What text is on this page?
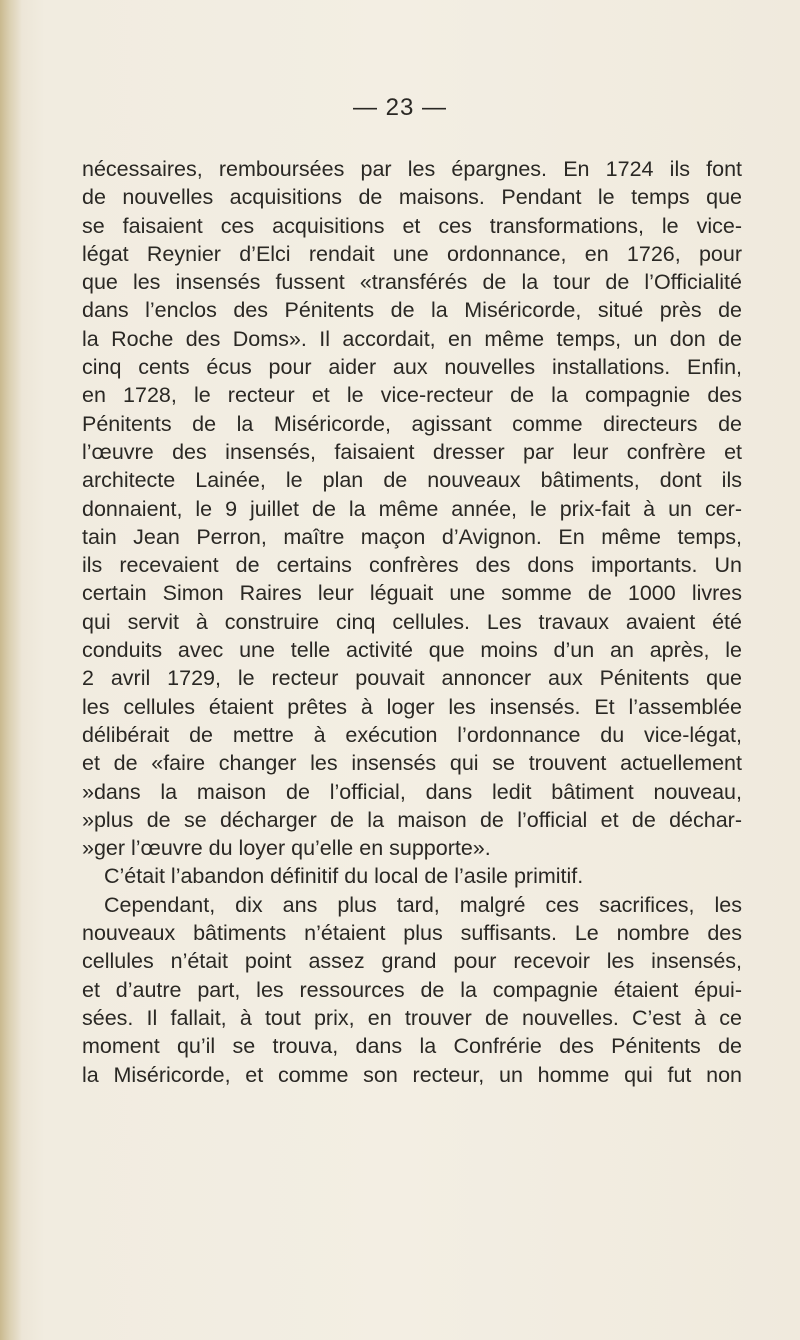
— 23 —
nécessaires, remboursées par les épargnes. En 1724 ils font
de nouvelles acquisitions de maisons. Pendant le temps que
se faisaient ces acquisitions et ces transformations, le vice-
légat Reynier d’Elci rendait une ordonnance, en 1726, pour
que les insensés fussent «transférés de la tour de l’Officialité
dans l’enclos des Pénitents de la Miséricorde, situé près de
la Roche des Doms». Il accordait, en même temps, un don de
cinq cents écus pour aider aux nouvelles installations. Enfin,
en 1728, le recteur et le vice-recteur de la compagnie des
Pénitents de la Miséricorde, agissant comme directeurs de
l’œuvre des insensés, faisaient dresser par leur confrère et
architecte Lainée, le plan de nouveaux bâtiments, dont ils
donnaient, le 9 juillet de la même année, le prix-fait à un cer-
tain Jean Perron, maître maçon d’Avignon. En même temps,
ils recevaient de certains confrères des dons importants. Un
certain Simon Raires leur léguait une somme de 1000 livres
qui servit à construire cinq cellules. Les travaux avaient été
conduits avec une telle activité que moins d’un an après, le
2 avril 1729, le recteur pouvait annoncer aux Pénitents que
les cellules étaient prêtes à loger les insensés. Et l’assemblée
délibérait de mettre à exécution l’ordonnance du vice-légat,
et de «faire changer les insensés qui se trouvent actuellement
»dans la maison de l’official, dans ledit bâtiment nouveau,
»plus de se décharger de la maison de l’official et de déchar-
»ger l’œuvre du loyer qu’elle en supporte».
C’était l’abandon définitif du local de l’asile primitif.
Cependant, dix ans plus tard, malgré ces sacrifices, les
nouveaux bâtiments n’étaient plus suffisants. Le nombre des
cellules n’était point assez grand pour recevoir les insensés,
et d’autre part, les ressources de la compagnie étaient épui-
sées. Il fallait, à tout prix, en trouver de nouvelles. C’est à ce
moment qu’il se trouva, dans la Confrérie des Pénitents de
la Miséricorde, et comme son recteur, un homme qui fut non
